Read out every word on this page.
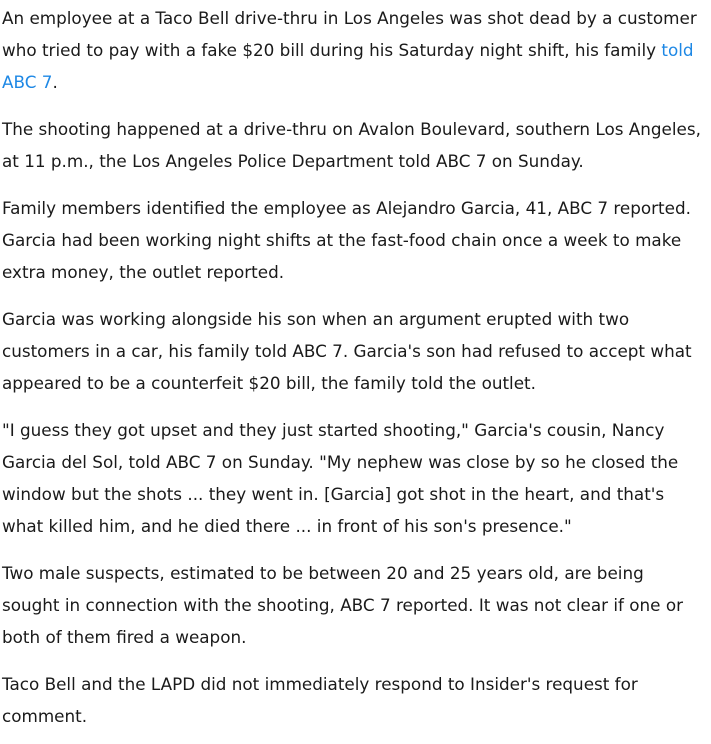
An employee at a Taco Bell drive-thru in Los Angeles was shot dead by a customer who tried to pay with a fake $20 bill during his Saturday night shift, his family told ABC 7.

The shooting happened at a drive-thru on Avalon Boulevard, southern Los Angeles, at 11 p.m., the Los Angeles Police Department told ABC 7 on Sunday.

Family members identified the employee as Alejandro Garcia, 41, ABC 7 reported. Garcia had been working night shifts at the fast-food chain once a week to make extra money, the outlet reported.

Garcia was working alongside his son when an argument erupted with two customers in a car, his family told ABC 7. Garcia's son had refused to accept what appeared to be a counterfeit $20 bill, the family told the outlet.

"I guess they got upset and they just started shooting," Garcia's cousin, Nancy Garcia del Sol, told ABC 7 on Sunday. "My nephew was close by so he closed the window but the shots ... they went in. [Garcia] got shot in the heart, and that's what killed him, and he died there ... in front of his son's presence."

Two male suspects, estimated to be between 20 and 25 years old, are being sought in connection with the shooting, ABC 7 reported. It was not clear if one or both of them fired a weapon.

Taco Bell and the LAPD did not immediately respond to Insider's request for comment.
